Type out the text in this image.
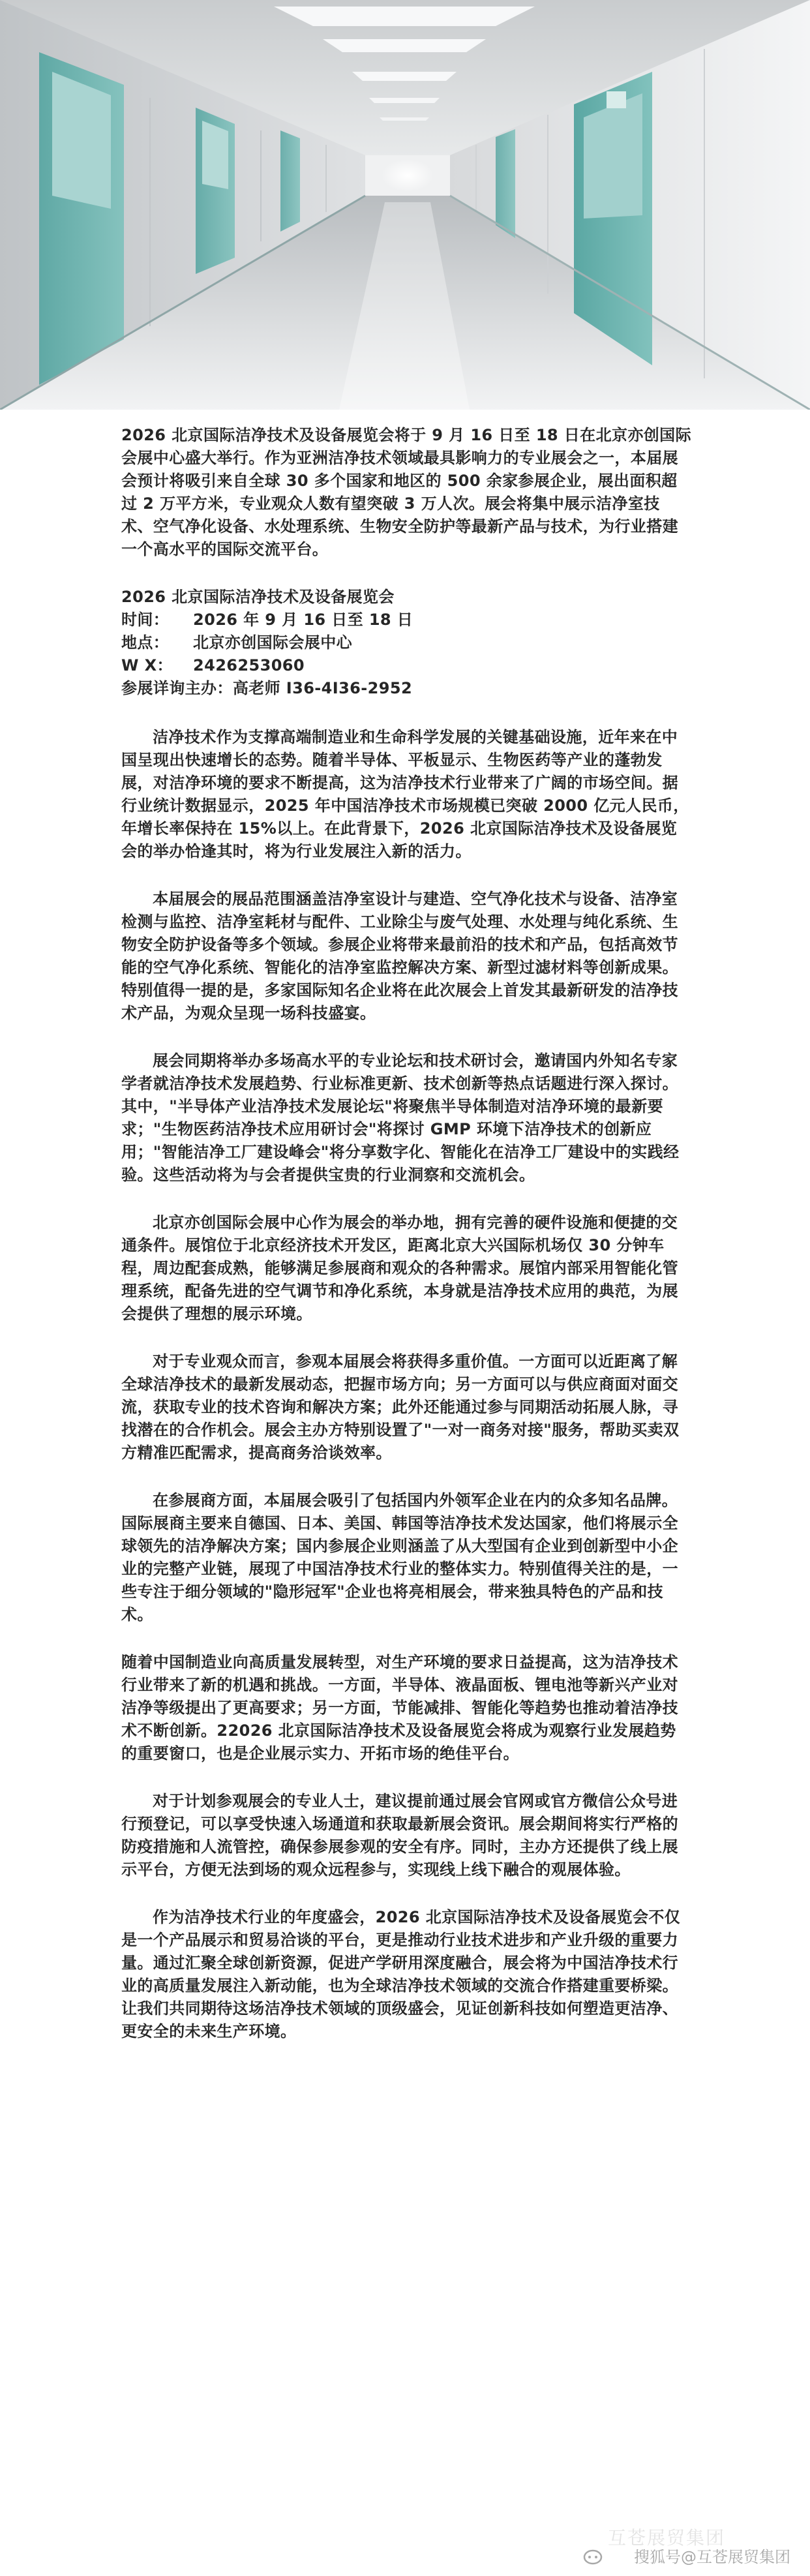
2026 北京国际洁净技术及设备展览会将于 9 月 16 日至 18 日在北京亦创国际会展中心盛大举行。作为亚洲洁净技术领域最具影响力的专业展会之一，本届展会预计将吸引来自全球 30 多个国家和地区的 500 余家参展企业，展出面积超过 2 万平方米，专业观众人数有望突破 3 万人次。展会将集中展示洁净室技术、空气净化设备、水处理系统、生物安全防护等最新产品与技术，为行业搭建一个高水平的国际交流平台。

2026 北京国际洁净技术及设备展览会
时间： 2026 年 9 月 16 日至 18 日
地点： 北京亦创国际会展中心
W X： 2426253060
参展详询主办：高老师 I36-4I36-2952

洁净技术作为支撑高端制造业和生命科学发展的关键基础设施，近年来在中国呈现出快速增长的态势。随着半导体、平板显示、生物医药等产业的蓬勃发展，对洁净环境的要求不断提高，这为洁净技术行业带来了广阔的市场空间。据行业统计数据显示，2025 年中国洁净技术市场规模已突破 2000 亿元人民币，年增长率保持在 15%以上。在此背景下，2026 北京国际洁净技术及设备展览会的举办恰逢其时，将为行业发展注入新的活力。

本届展会的展品范围涵盖洁净室设计与建造、空气净化技术与设备、洁净室检测与监控、洁净室耗材与配件、工业除尘与废气处理、水处理与纯化系统、生物安全防护设备等多个领域。参展企业将带来最前沿的技术和产品，包括高效节能的空气净化系统、智能化的洁净室监控解决方案、新型过滤材料等创新成果。特别值得一提的是，多家国际知名企业将在此次展会上首发其最新研发的洁净技术产品，为观众呈现一场科技盛宴。

展会同期将举办多场高水平的专业论坛和技术研讨会，邀请国内外知名专家学者就洁净技术发展趋势、行业标准更新、技术创新等热点话题进行深入探讨。其中，"半导体产业洁净技术发展论坛"将聚焦半导体制造对洁净环境的最新要求；"生物医药洁净技术应用研讨会"将探讨 GMP 环境下洁净技术的创新应用；"智能洁净工厂建设峰会"将分享数字化、智能化在洁净工厂建设中的实践经验。这些活动将为与会者提供宝贵的行业洞察和交流机会。

北京亦创国际会展中心作为展会的举办地，拥有完善的硬件设施和便捷的交通条件。展馆位于北京经济技术开发区，距离北京大兴国际机场仅 30 分钟车程，周边配套成熟，能够满足参展商和观众的各种需求。展馆内部采用智能化管理系统，配备先进的空气调节和净化系统，本身就是洁净技术应用的典范，为展会提供了理想的展示环境。

对于专业观众而言，参观本届展会将获得多重价值。一方面可以近距离了解全球洁净技术的最新发展动态，把握市场方向；另一方面可以与供应商面对面交流，获取专业的技术咨询和解决方案；此外还能通过参与同期活动拓展人脉，寻找潜在的合作机会。展会主办方特别设置了"一对一商务对接"服务，帮助买卖双方精准匹配需求，提高商务洽谈效率。

在参展商方面，本届展会吸引了包括国内外领军企业在内的众多知名品牌。国际展商主要来自德国、日本、美国、韩国等洁净技术发达国家，他们将展示全球领先的洁净解决方案；国内参展企业则涵盖了从大型国有企业到创新型中小企业的完整产业链，展现了中国洁净技术行业的整体实力。特别值得关注的是，一些专注于细分领域的"隐形冠军"企业也将亮相展会，带来独具特色的产品和技术。

随着中国制造业向高质量发展转型，对生产环境的要求日益提高，这为洁净技术行业带来了新的机遇和挑战。一方面，半导体、液晶面板、锂电池等新兴产业对洁净等级提出了更高要求；另一方面，节能减排、智能化等趋势也推动着洁净技术不断创新。22026 北京国际洁净技术及设备展览会将成为观察行业发展趋势的重要窗口，也是企业展示实力、开拓市场的绝佳平台。

对于计划参观展会的专业人士，建议提前通过展会官网或官方微信公众号进行预登记，可以享受快速入场通道和获取最新展会资讯。展会期间将实行严格的防疫措施和人流管控，确保参展参观的安全有序。同时，主办方还提供了线上展示平台，方便无法到场的观众远程参与，实现线上线下融合的观展体验。

作为洁净技术行业的年度盛会，2026 北京国际洁净技术及设备展览会不仅是一个产品展示和贸易洽谈的平台，更是推动行业技术进步和产业升级的重要力量。通过汇聚全球创新资源，促进产学研用深度融合，展会将为中国洁净技术行业的高质量发展注入新动能，也为全球洁净技术领域的交流合作搭建重要桥梁。让我们共同期待这场洁净技术领域的顶级盛会，见证创新科技如何塑造更洁净、更安全的未来生产环境。

互苍展贸集团
搜狐号@互苍展贸集团
